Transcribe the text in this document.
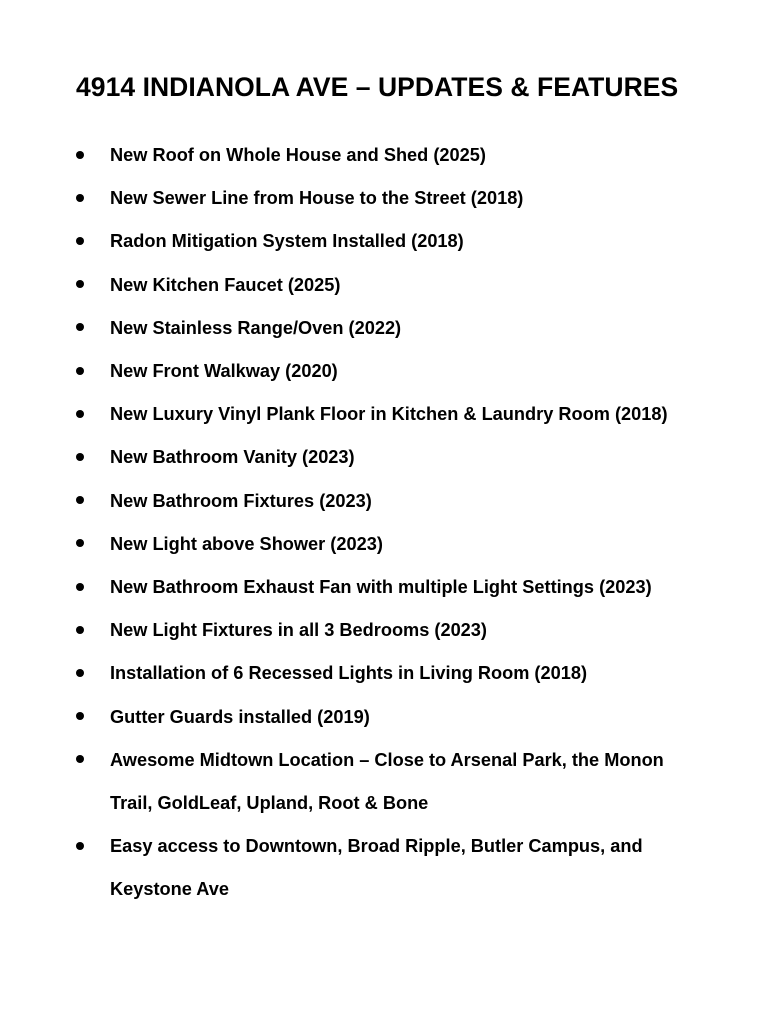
4914 INDIANOLA AVE – UPDATES & FEATURES
New Roof on Whole House and Shed (2025)
New Sewer Line from House to the Street (2018)
Radon Mitigation System Installed (2018)
New Kitchen Faucet (2025)
New Stainless Range/Oven (2022)
New Front Walkway (2020)
New Luxury Vinyl Plank Floor in Kitchen & Laundry Room (2018)
New Bathroom Vanity (2023)
New Bathroom Fixtures (2023)
New Light above Shower (2023)
New Bathroom Exhaust Fan with multiple Light Settings (2023)
New Light Fixtures in all 3 Bedrooms (2023)
Installation of 6 Recessed Lights in Living Room (2018)
Gutter Guards installed (2019)
Awesome Midtown Location – Close to Arsenal Park, the Monon
Trail, GoldLeaf, Upland, Root & Bone
Easy access to Downtown, Broad Ripple, Butler Campus, and
Keystone Ave
